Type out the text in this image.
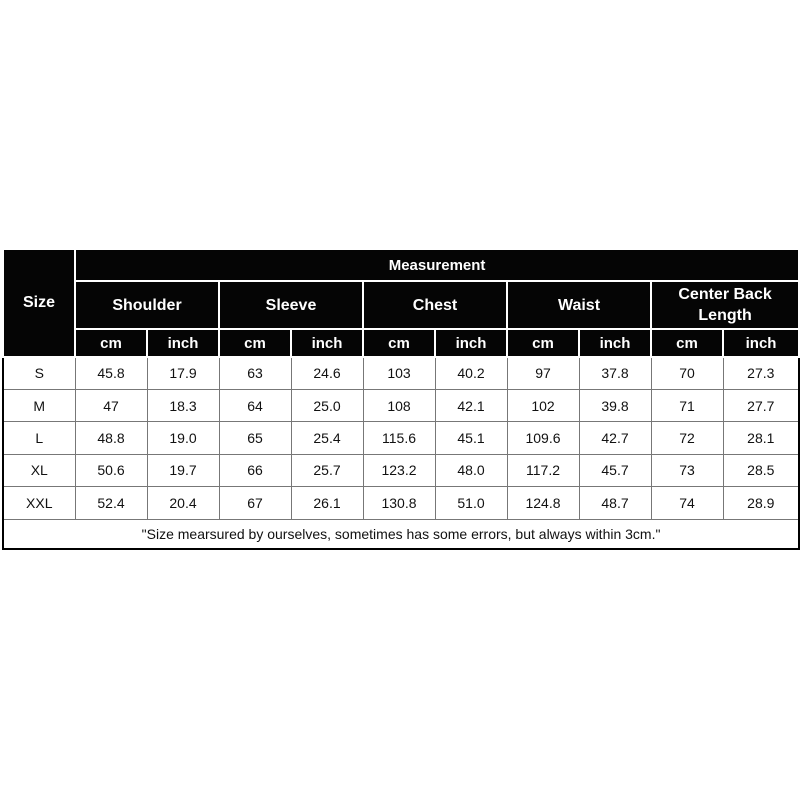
Size	Measurement									
	Shoulder		Sleeve		Chest		Waist		Center Back Length	
	cm	inch	cm	inch	cm	inch	cm	inch	cm	inch
S	45.8	17.9	63	24.6	103	40.2	97	37.8	70	27.3
M	47	18.3	64	25.0	108	42.1	102	39.8	71	27.7
L	48.8	19.0	65	25.4	115.6	45.1	109.6	42.7	72	28.1
XL	50.6	19.7	66	25.7	123.2	48.0	117.2	45.7	73	28.5
XXL	52.4	20.4	67	26.1	130.8	51.0	124.8	48.7	74	28.9
"Size mearsured by ourselves, sometimes has some errors, but always within 3cm."										
